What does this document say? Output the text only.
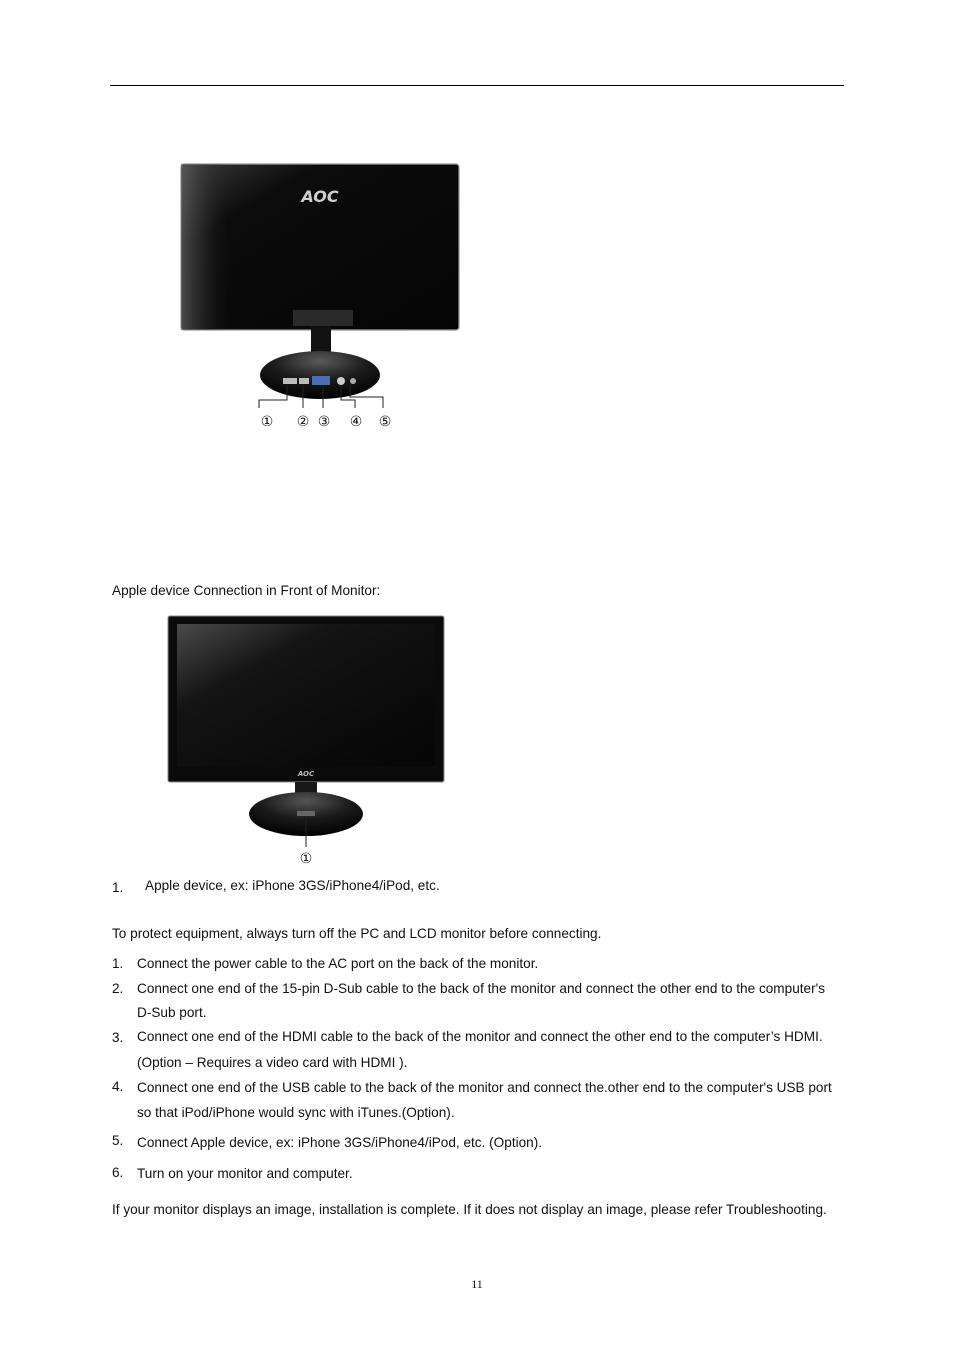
AOC
① ② ③ ④ ⑤
Apple device Connection in Front of Monitor:
AOC
①
1. Apple device, ex: iPhone 3GS/iPhone4/iPod, etc.
To protect equipment, always turn off the PC and LCD monitor before connecting.
1. Connect the power cable to the AC port on the back of the monitor.
2. Connect one end of the 15-pin D-Sub cable to the back of the monitor and connect the other end to the computer's
D-Sub port.
3. Connect one end of the HDMI cable to the back of the monitor and connect the other end to the computer’s HDMI.
(Option – Requires a video card with HDMI ).
4. Connect one end of the USB cable to the back of the monitor and connect the.other end to the computer's USB port
so that iPod/iPhone would sync with iTunes.(Option).
5. Connect Apple device, ex: iPhone 3GS/iPhone4/iPod, etc. (Option).
6. Turn on your monitor and computer.
If your monitor displays an image, installation is complete. If it does not display an image, please refer Troubleshooting.
11
